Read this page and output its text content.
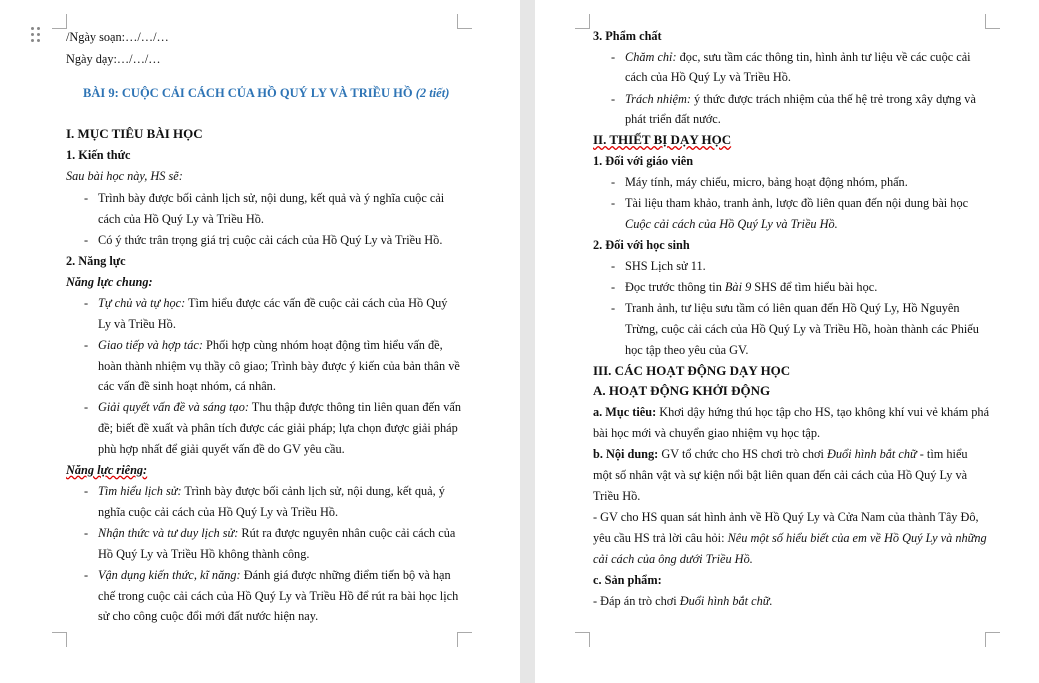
/Ngày soạn:…/…/…
Ngày dạy:…/…/…
BÀI 9: CUỘC CẢI CÁCH CỦA HỒ QUÝ LY VÀ TRIỀU HỒ (2 tiết)
I. MỤC TIÊU BÀI HỌC
1. Kiến thức
Sau bài học này, HS sẽ:
- Trình bày được bối cảnh lịch sử, nội dung, kết quả và ý nghĩa cuộc cải
cách của Hồ Quý Ly và Triều Hồ.
- Có ý thức trân trọng giá trị cuộc cải cách của Hồ Quý Ly và Triều Hồ.
2. Năng lực
Năng lực chung:
- Tự chủ và tự học: Tìm hiểu được các vấn đề cuộc cải cách của Hồ Quý
Ly và Triều Hồ.
- Giao tiếp và hợp tác: Phối hợp cùng nhóm hoạt động tìm hiểu vấn đề,
hoàn thành nhiệm vụ thầy cô giao; Trình bày được ý kiến của bản thân về
các vấn đề sinh hoạt nhóm, cá nhân.
- Giải quyết vấn đề và sáng tạo: Thu thập được thông tin liên quan đến vấn
đề; biết đề xuất và phân tích được các giải pháp; lựa chọn được giải pháp
phù hợp nhất để giải quyết vấn đề do GV yêu cầu.
Năng lực riêng:
- Tìm hiểu lịch sử: Trình bày được bối cảnh lịch sử, nội dung, kết quả, ý
nghĩa cuộc cải cách của Hồ Quý Ly và Triều Hồ.
- Nhận thức và tư duy lịch sử: Rút ra được nguyên nhân cuộc cải cách của
Hồ Quý Ly và Triều Hồ không thành công.
- Vận dụng kiến thức, kĩ năng: Đánh giá được những điểm tiến bộ và hạn
chế trong cuộc cải cách của Hồ Quý Ly và Triều Hồ để rút ra bài học lịch
sử cho công cuộc đổi mới đất nước hiện nay.
3. Phẩm chất
- Chăm chỉ: đọc, sưu tầm các thông tin, hình ảnh tư liệu về các cuộc cải
cách của Hồ Quý Ly và Triều Hồ.
- Trách nhiệm: ý thức được trách nhiệm của thế hệ trẻ trong xây dựng và
phát triển đất nước.
II. THIẾT BỊ DẠY HỌC
1. Đối với giáo viên
- Máy tính, máy chiếu, micro, bảng hoạt động nhóm, phấn.
- Tài liệu tham khảo, tranh ảnh, lược đồ liên quan đến nội dung bài học
Cuộc cải cách của Hồ Quý Ly và Triều Hồ.
2. Đối với học sinh
- SHS Lịch sử 11.
- Đọc trước thông tin Bài 9 SHS để tìm hiểu bài học.
- Tranh ảnh, tư liệu sưu tầm có liên quan đến Hồ Quý Ly, Hồ Nguyên
Trừng, cuộc cải cách của Hồ Quý Ly và Triều Hồ, hoàn thành các Phiếu
học tập theo yêu của GV.
III. CÁC HOẠT ĐỘNG DẠY HỌC
A. HOẠT ĐỘNG KHỞI ĐỘNG
a. Mục tiêu: Khơi dậy hứng thú học tập cho HS, tạo không khí vui vẻ khám phá
bài học mới và chuyển giao nhiệm vụ học tập.
b. Nội dung: GV tổ chức cho HS chơi trò chơi Đuổi hình bắt chữ - tìm hiểu
một số nhân vật và sự kiện nổi bật liên quan đến cải cách của Hồ Quý Ly và
Triều Hồ.
- GV cho HS quan sát hình ảnh về Hồ Quý Ly và Cửa Nam của thành Tây Đô,
yêu cầu HS trả lời câu hỏi: Nêu một số hiểu biết của em về Hồ Quý Ly và những
cải cách của ông dưới Triều Hồ.
c. Sản phẩm:
- Đáp án trò chơi Đuổi hình bắt chữ.
